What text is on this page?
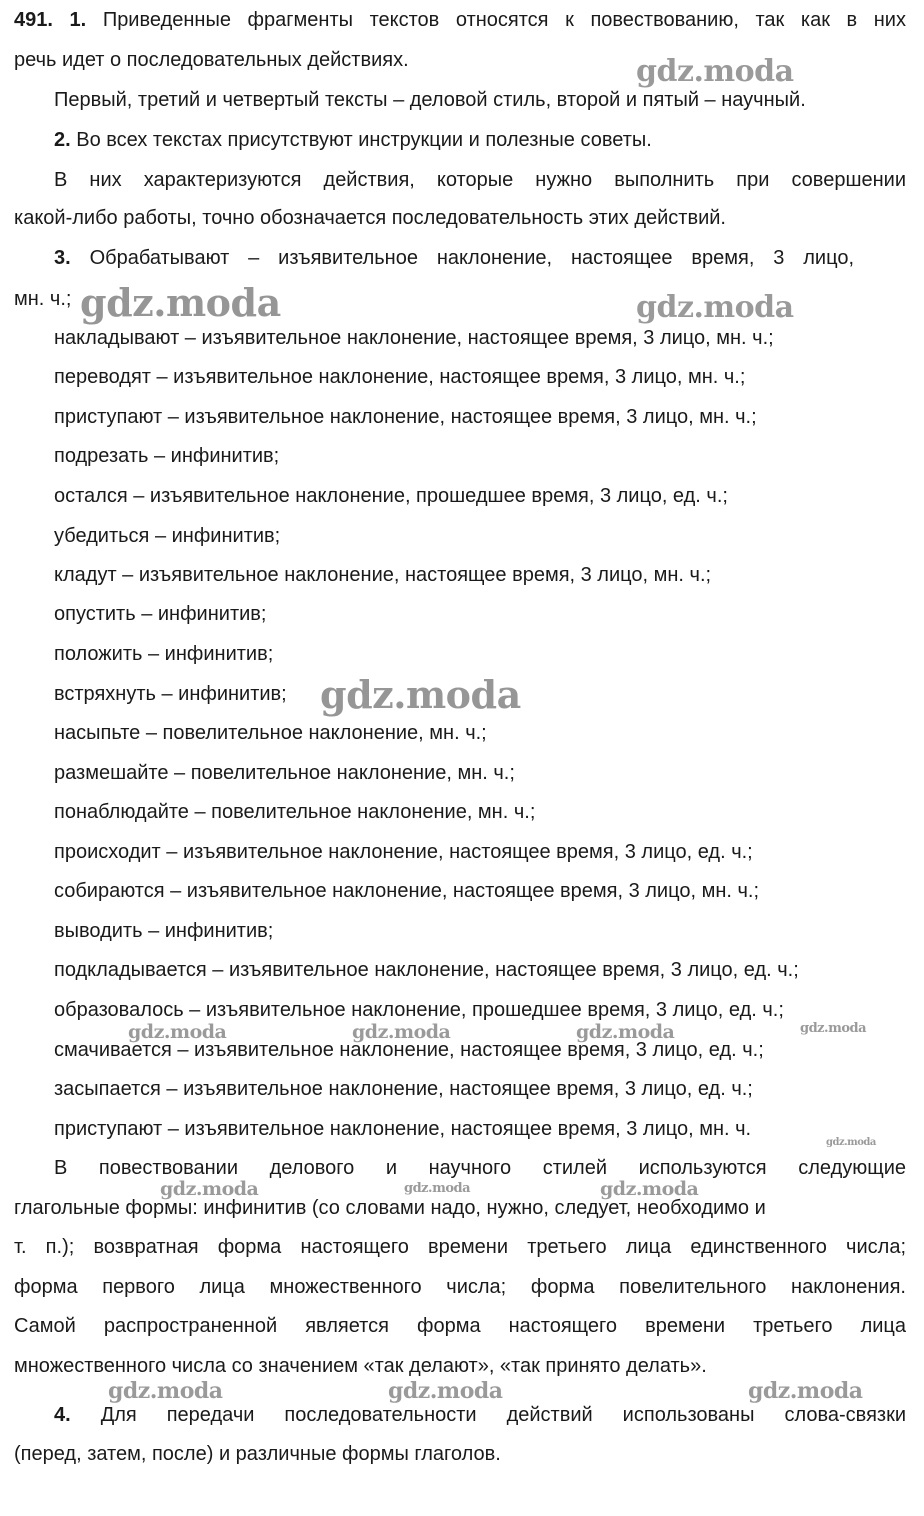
491. 1. Приведенные фрагменты текстов относятся к повествованию, так как в них
речь идет о последовательных действиях.
Первый, третий и четвертый тексты – деловой стиль, второй и пятый – научный.
2. Во всех текстах присутствуют инструкции и полезные советы.
В них характеризуются действия, которые нужно выполнить при совершении
какой-либо работы, точно обозначается последовательность этих действий.
3. Обрабатывают – изъявительное наклонение, настоящее время, 3 лицо,
мн. ч.;
накладывают – изъявительное наклонение, настоящее время, 3 лицо, мн. ч.;
переводят – изъявительное наклонение, настоящее время, 3 лицо, мн. ч.;
приступают – изъявительное наклонение, настоящее время, 3 лицо, мн. ч.;
подрезать – инфинитив;
остался – изъявительное наклонение, прошедшее время, 3 лицо, ед. ч.;
убедиться – инфинитив;
кладут – изъявительное наклонение, настоящее время, 3 лицо, мн. ч.;
опустить – инфинитив;
положить – инфинитив;
встряхнуть – инфинитив;
насыпьте – повелительное наклонение, мн. ч.;
размешайте – повелительное наклонение, мн. ч.;
понаблюдайте – повелительное наклонение, мн. ч.;
происходит – изъявительное наклонение, настоящее время, 3 лицо, ед. ч.;
собираются – изъявительное наклонение, настоящее время, 3 лицо, мн. ч.;
выводить – инфинитив;
подкладывается – изъявительное наклонение, настоящее время, 3 лицо, ед. ч.;
образовалось – изъявительное наклонение, прошедшее время, 3 лицо, ед. ч.;
смачивается – изъявительное наклонение, настоящее время, 3 лицо, ед. ч.;
засыпается – изъявительное наклонение, настоящее время, 3 лицо, ед. ч.;
приступают – изъявительное наклонение, настоящее время, 3 лицо, мн. ч.
В повествовании делового и научного стилей используются следующие
глагольные формы: инфинитив (со словами надо, нужно, следует, необходимо и
т. п.); возвратная форма настоящего времени третьего лица единственного числа;
форма первого лица множественного числа; форма повелительного наклонения.
Самой распространенной является форма настоящего времени третьего лица
множественного числа со значением «так делают», «так принято делать».
4. Для передачи последовательности действий использованы слова-связки
(перед, затем, после) и различные формы глаголов.
gdz.moda
gdz.moda	gdz.moda
gdz.moda
gdz.moda	gdz.moda	gdz.moda	gdz.moda
gdz.moda
gdz.moda	gdz.moda	gdz.moda
gdz.moda	gdz.moda	gdz.moda
